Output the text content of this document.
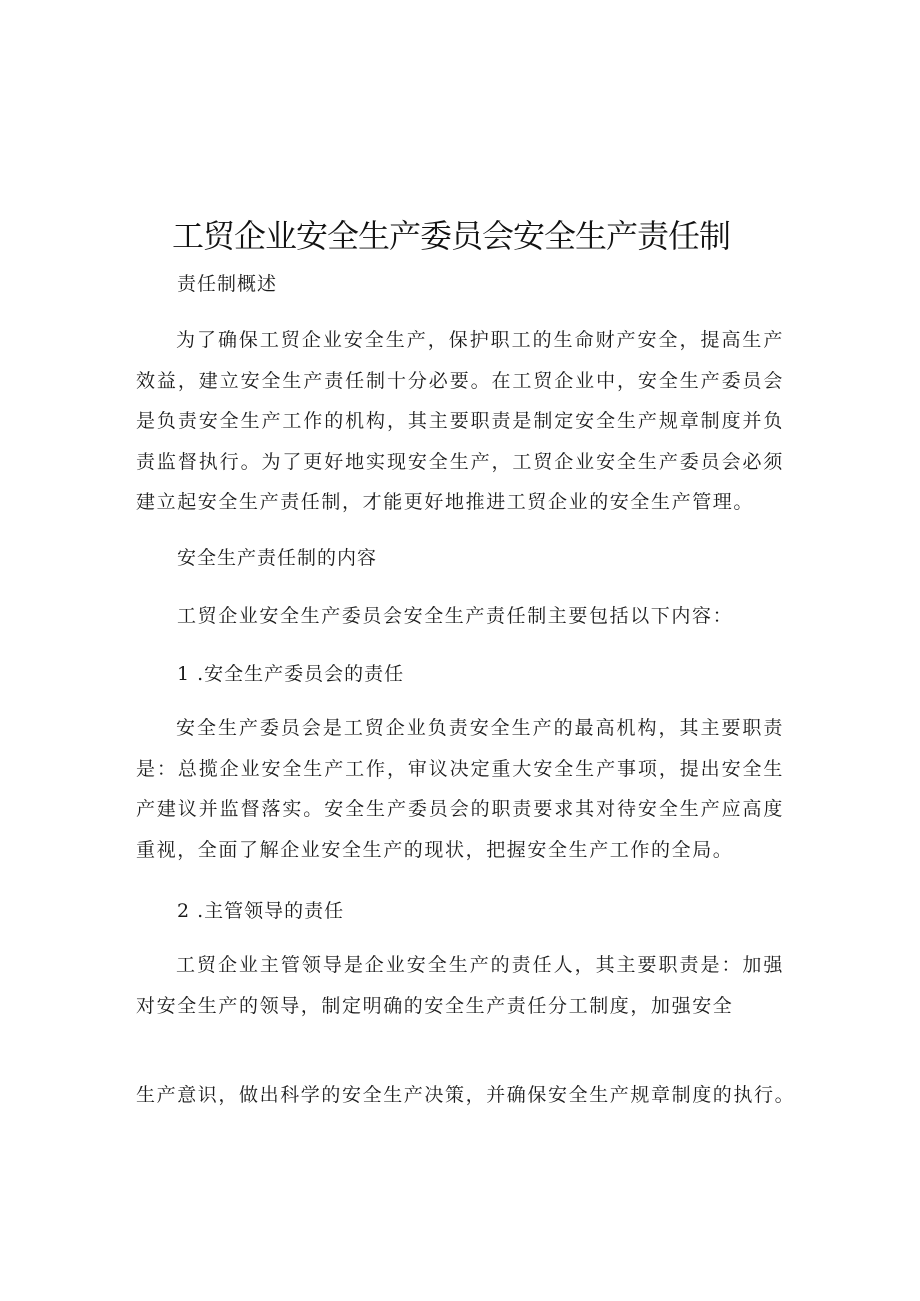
工贸企业安全生产委员会安全生产责任制
责任制概述
为了确保工贸企业安全生产，保护职工的生命财产安全，提高生产效益，建立安全生产责任制十分必要。在工贸企业中，安全生产委员会是负责安全生产工作的机构，其主要职责是制定安全生产规章制度并负责监督执行。为了更好地实现安全生产，工贸企业安全生产委员会必须建立起安全生产责任制，才能更好地推进工贸企业的安全生产管理。
安全生产责任制的内容
工贸企业安全生产委员会安全生产责任制主要包括以下内容：
1 .安全生产委员会的责任
安全生产委员会是工贸企业负责安全生产的最高机构，其主要职责是：总揽企业安全生产工作，审议决定重大安全生产事项，提出安全生产建议并监督落实。安全生产委员会的职责要求其对待安全生产应高度重视，全面了解企业安全生产的现状，把握安全生产工作的全局。
2 .主管领导的责任
工贸企业主管领导是企业安全生产的责任人，其主要职责是：加强对安全生产的领导，制定明确的安全生产责任分工制度，加强安全
生产意识，做出科学的安全生产决策，并确保安全生产规章制度的执行。
